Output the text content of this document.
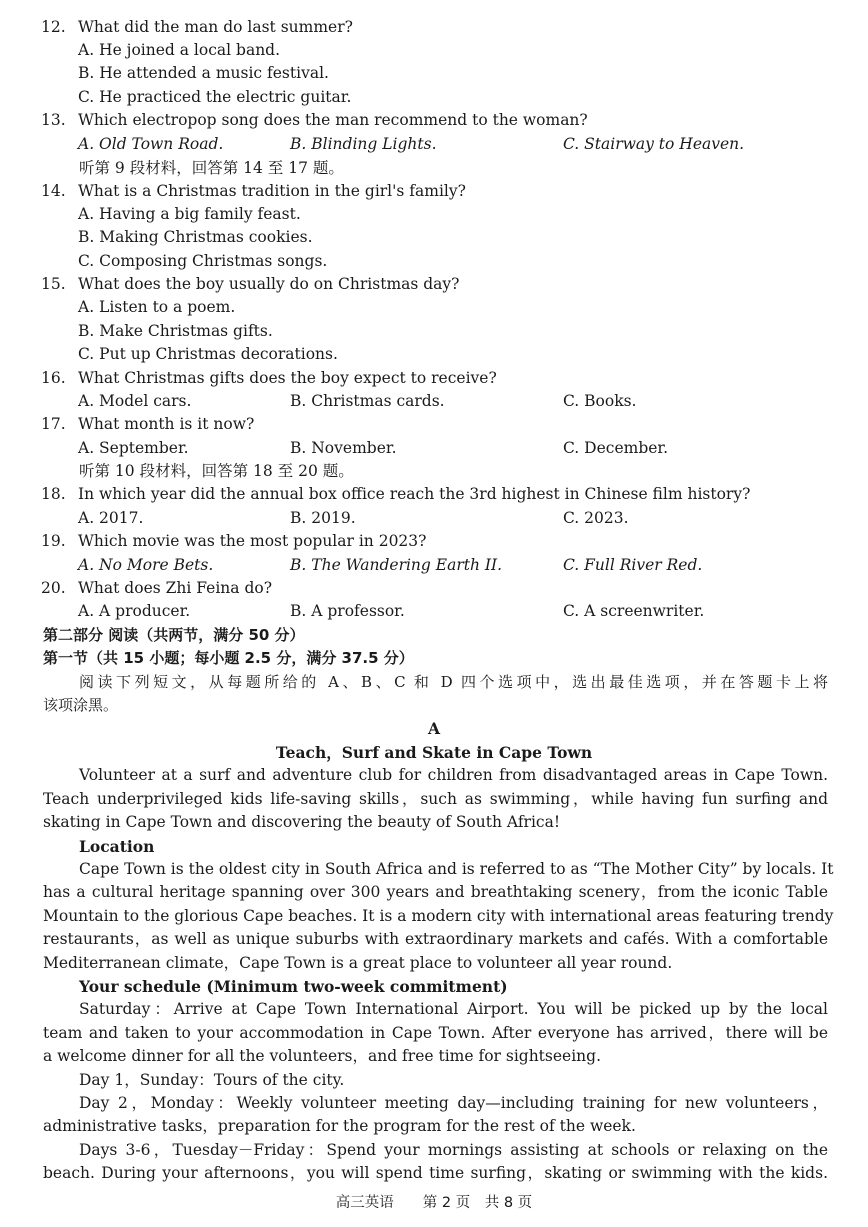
12. What did the man do last summer?
A. He joined a local band.
B. He attended a music festival.
C. He practiced the electric guitar.
13. Which electropop song does the man recommend to the woman?
A. Old Town Road.	B. Blinding Lights.	C. Stairway to Heaven.
听第 9 段材料，回答第 14 至 17 题。
14. What is a Christmas tradition in the girl's family?
A. Having a big family feast.
B. Making Christmas cookies.
C. Composing Christmas songs.
15. What does the boy usually do on Christmas day?
A. Listen to a poem.
B. Make Christmas gifts.
C. Put up Christmas decorations.
16. What Christmas gifts does the boy expect to receive?
A. Model cars.	B. Christmas cards.	C. Books.
17. What month is it now?
A. September.	B. November.	C. December.
听第 10 段材料，回答第 18 至 20 题。
18. In which year did the annual box office reach the 3rd highest in Chinese film history?
A. 2017.	B. 2019.	C. 2023.
19. Which movie was the most popular in 2023?
A. No More Bets.	B. The Wandering Earth II.	C. Full River Red.
20. What does Zhi Feina do?
A. A producer.	B. A professor.	C. A screenwriter.
第二部分 阅读（共两节，满分 50 分）
第一节（共 15 小题；每小题 2.5 分，满分 37.5 分）
阅读下列短文，从每题所给的 A、B、C 和 D 四个选项中，选出最佳选项，并在答题卡上将
该项涂黑。
A
Teach，Surf and Skate in Cape Town
Volunteer at a surf and adventure club for children from disadvantaged areas in Cape Town.
Teach underprivileged kids life-saving skills，such as swimming，while having fun surfing and
skating in Cape Town and discovering the beauty of South Africa!
Location
Cape Town is the oldest city in South Africa and is referred to as “The Mother City” by locals. It
has a cultural heritage spanning over 300 years and breathtaking scenery，from the iconic Table
Mountain to the glorious Cape beaches. It is a modern city with international areas featuring trendy
restaurants，as well as unique suburbs with extraordinary markets and cafés. With a comfortable
Mediterranean climate，Cape Town is a great place to volunteer all year round.
Your schedule (Minimum two-week commitment)
Saturday：Arrive at Cape Town International Airport. You will be picked up by the local
team and taken to your accommodation in Cape Town. After everyone has arrived，there will be
a welcome dinner for all the volunteers，and free time for sightseeing.
Day 1，Sunday：Tours of the city.
Day 2，Monday：Weekly volunteer meeting day—including training for new volunteers，
administrative tasks，preparation for the program for the rest of the week.
Days 3-6，Tuesday－Friday：Spend your mornings assisting at schools or relaxing on the
beach. During your afternoons，you will spend time surfing，skating or swimming with the kids.
高三英语　　第 2 页　共 8 页
